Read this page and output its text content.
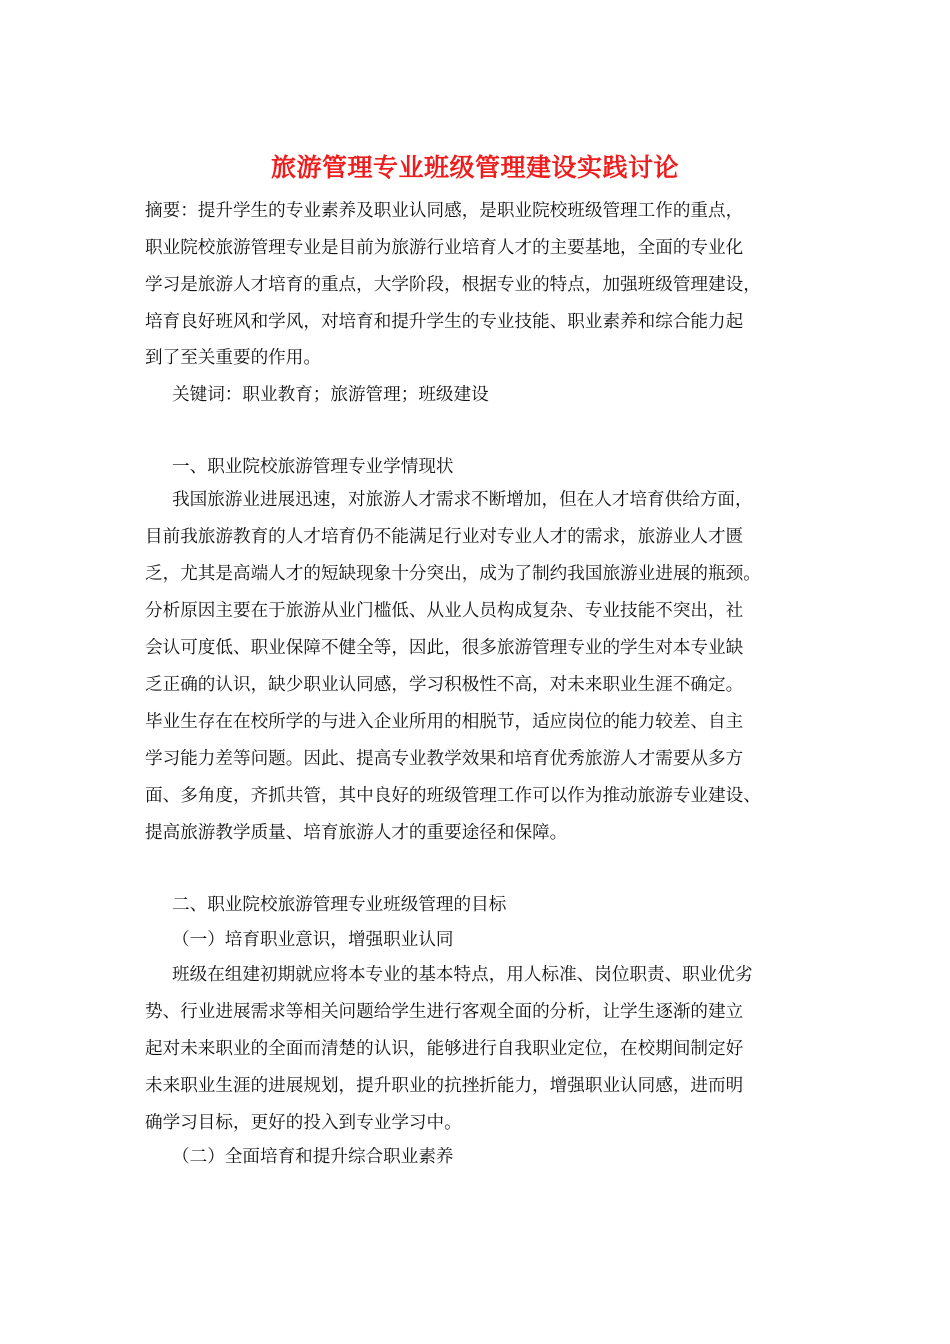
旅游管理专业班级管理建设实践讨论

摘要：提升学生的专业素养及职业认同感，是职业院校班级管理工作的重点，

职业院校旅游管理专业是目前为旅游行业培育人才的主要基地，全面的专业化

学习是旅游人才培育的重点，大学阶段，根据专业的特点，加强班级管理建设，

培育良好班风和学风，对培育和提升学生的专业技能、职业素养和综合能力起

到了至关重要的作用。

关键词：职业教育；旅游管理；班级建设

一、职业院校旅游管理专业学情现状

我国旅游业进展迅速，对旅游人才需求不断增加，但在人才培育供给方面，

目前我旅游教育的人才培育仍不能满足行业对专业人才的需求，旅游业人才匮

乏，尤其是高端人才的短缺现象十分突出，成为了制约我国旅游业进展的瓶颈。

分析原因主要在于旅游从业门槛低、从业人员构成复杂、专业技能不突出，社

会认可度低、职业保障不健全等，因此，很多旅游管理专业的学生对本专业缺

乏正确的认识，缺少职业认同感，学习积极性不高，对未来职业生涯不确定。

毕业生存在在校所学的与进入企业所用的相脱节，适应岗位的能力较差、自主

学习能力差等问题。因此、提高专业教学效果和培育优秀旅游人才需要从多方

面、多角度，齐抓共管，其中良好的班级管理工作可以作为推动旅游专业建设、

提高旅游教学质量、培育旅游人才的重要途径和保障。

二、职业院校旅游管理专业班级管理的目标

（一）培育职业意识，增强职业认同

班级在组建初期就应将本专业的基本特点，用人标准、岗位职责、职业优劣

势、行业进展需求等相关问题给学生进行客观全面的分析，让学生逐渐的建立

起对未来职业的全面而清楚的认识，能够进行自我职业定位，在校期间制定好

未来职业生涯的进展规划，提升职业的抗挫折能力，增强职业认同感，进而明

确学习目标，更好的投入到专业学习中。

（二）全面培育和提升综合职业素养
